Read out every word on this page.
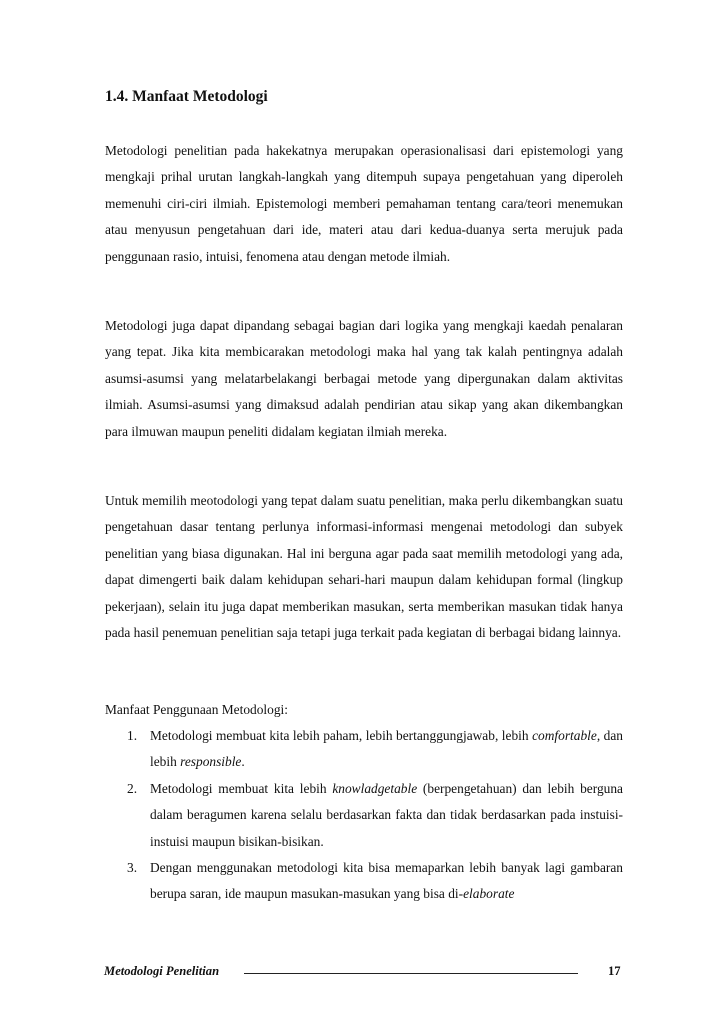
1.4. Manfaat Metodologi

Metodologi penelitian pada hakekatnya merupakan operasionalisasi dari epistemologi yang mengkaji prihal urutan langkah-langkah yang ditempuh supaya pengetahuan yang diperoleh memenuhi ciri-ciri ilmiah. Epistemologi memberi pemahaman tentang cara/teori menemukan atau menyusun pengetahuan dari ide, materi atau dari kedua-duanya serta merujuk pada penggunaan rasio, intuisi, fenomena atau dengan metode ilmiah.

Metodologi juga dapat dipandang sebagai bagian dari logika yang mengkaji kaedah penalaran yang tepat. Jika kita membicarakan metodologi maka hal yang tak kalah pentingnya adalah asumsi-asumsi yang melatarbelakangi berbagai metode yang dipergunakan dalam aktivitas ilmiah. Asumsi-asumsi yang dimaksud adalah pendirian atau sikap yang akan dikembangkan para ilmuwan maupun peneliti didalam kegiatan ilmiah mereka.

Untuk memilih meotodologi yang tepat dalam suatu penelitian, maka perlu dikembangkan suatu pengetahuan dasar tentang perlunya informasi-informasi mengenai metodologi dan subyek penelitian yang biasa digunakan. Hal ini berguna agar pada saat memilih metodologi yang ada, dapat dimengerti baik dalam kehidupan sehari-hari maupun dalam kehidupan formal (lingkup pekerjaan), selain itu juga dapat memberikan masukan, serta memberikan masukan tidak hanya pada hasil penemuan penelitian saja tetapi juga terkait pada kegiatan di berbagai bidang lainnya.

Manfaat Penggunaan Metodologi:

1. Metodologi membuat kita lebih paham, lebih bertanggungjawab, lebih comfortable, dan lebih responsible.
2. Metodologi membuat kita lebih knowladgetable (berpengetahuan) dan lebih berguna dalam beragumen karena selalu berdasarkan fakta dan tidak berdasarkan pada instuisi-instuisi maupun bisikan-bisikan.
3. Dengan menggunakan metodologi kita bisa memaparkan lebih banyak lagi gambaran berupa saran, ide maupun masukan-masukan yang bisa di-elaborate
Metodologi Penelitian	17
